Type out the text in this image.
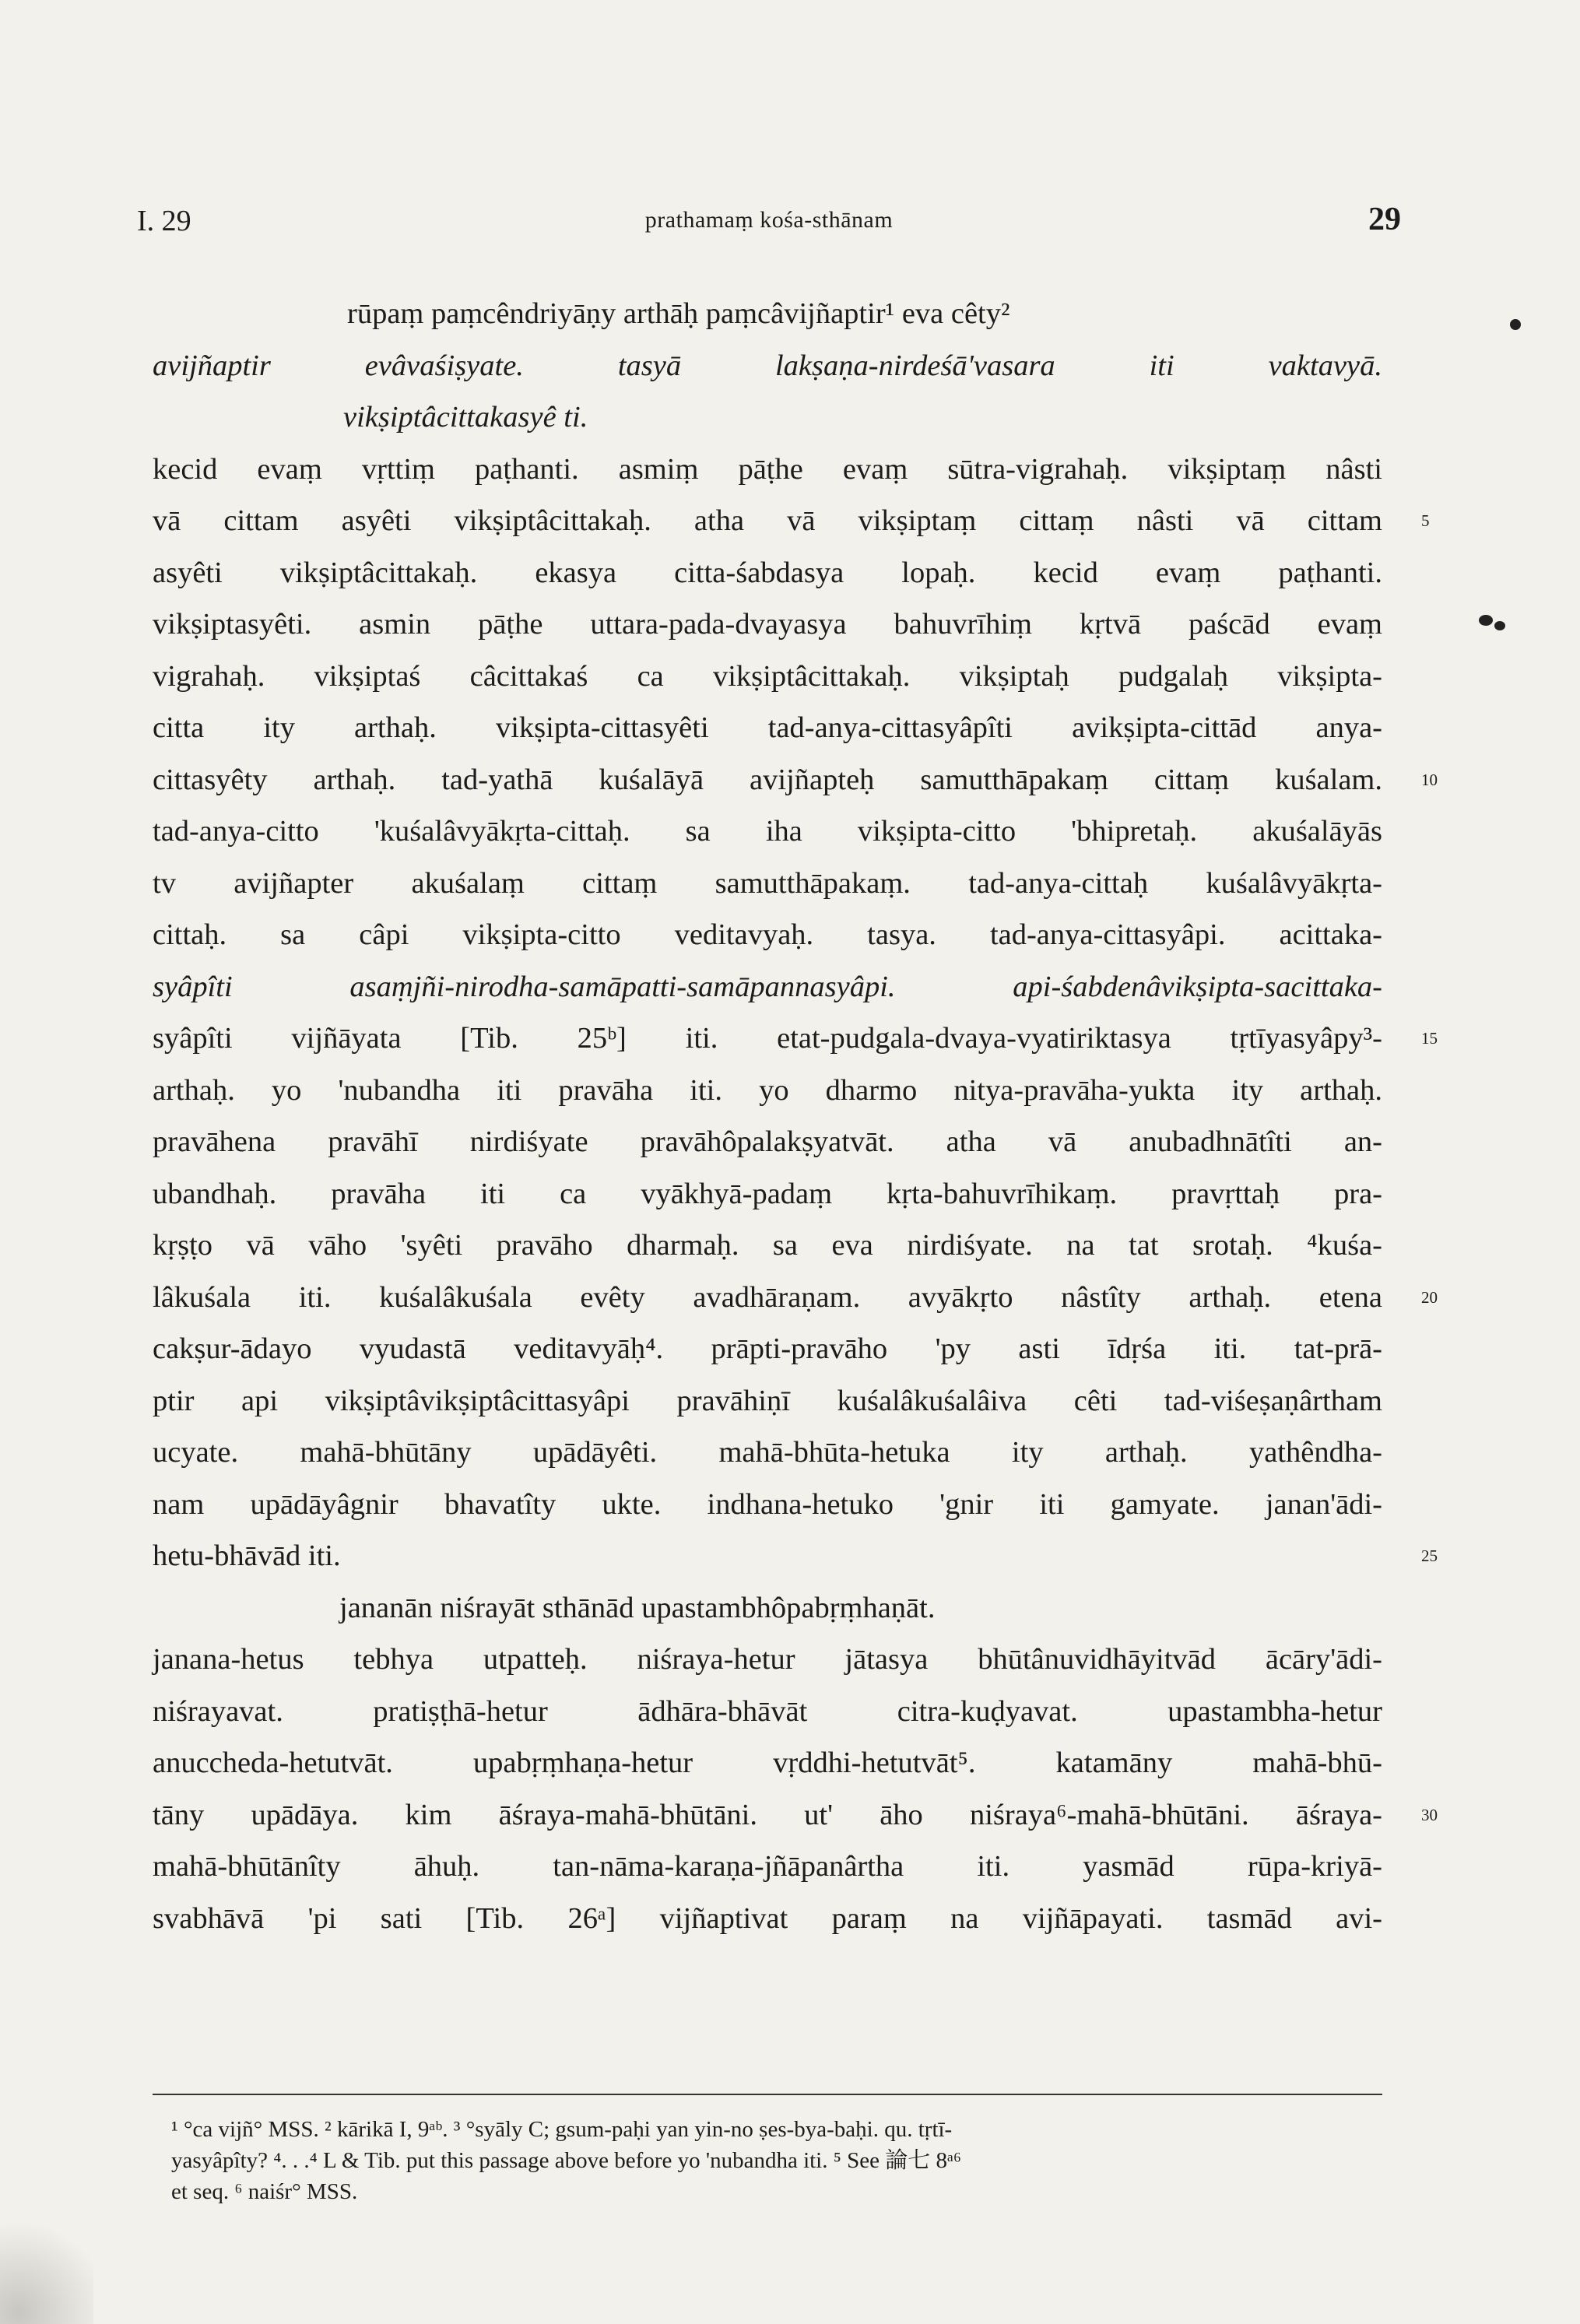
I. 29	prathamaṃ kośa-sthānam	29
rūpaṃ paṃcêndriyāṇy arthāḥ paṃcâvijñaptir¹ eva cêty²
avijñaptir evâvaśiṣyate. tasyā lakṣaṇa-nirdeśā'vasara iti vaktavyā.
vikṣiptâcittakasyê ti.
kecid evaṃ vṛttiṃ paṭhanti. asmiṃ pāṭhe evaṃ sūtra-vigrahaḥ. vikṣiptaṃ nâsti
vā cittam asyêti vikṣiptâcittakaḥ. atha vā vikṣiptaṃ cittaṃ nâsti vā cittam 5
asyêti vikṣiptâcittakaḥ. ekasya citta-śabdasya lopaḥ. kecid evaṃ paṭhanti.
vikṣiptasyêti. asmin pāṭhe uttara-pada-dvayasya bahuvrīhiṃ kṛtvā paścād evaṃ
vigrahaḥ. vikṣiptaś câcittakaś ca vikṣiptâcittakaḥ. vikṣiptaḥ pudgalaḥ vikṣipta-
citta ity arthaḥ. vikṣipta-cittasyêti tad-anya-cittasyâpîti avikṣipta-cittād anya-
cittasyêty arthaḥ. tad-yathā kuśalāyā avijñapteḥ samutthāpakaṃ cittaṃ kuśalam. 10
tad-anya-citto 'kuśalâvyākṛta-cittaḥ. sa iha vikṣipta-citto 'bhipretaḥ. akuśalāyās
tv avijñapter akuśalaṃ cittaṃ samutthāpakaṃ. tad-anya-cittaḥ kuśalâvyākṛta-
cittaḥ. sa câpi vikṣipta-citto veditavyaḥ. tasya. tad-anya-cittasyâpi. acittaka-
syâpîti asaṃjñi-nirodha-samāpatti-samāpannasyâpi. api-śabdenâvikṣipta-sacittaka-
syâpîti vijñāyata [Tib. 25ᵇ] iti. etat-pudgala-dvaya-vyatiriktasya tṛtīyasyâpy³- 15
arthaḥ. yo 'nubandha iti pravāha iti. yo dharmo nitya-pravāha-yukta ity arthaḥ.
pravāhena pravāhī nirdiśyate pravāhôpalakṣyatvāt. atha vā anubadhnātîti an-
ubandhaḥ. pravāha iti ca vyākhyā-padaṃ kṛta-bahuvrīhikaṃ. pravṛttaḥ pra-
kṛṣṭo vā vāho 'syêti pravāho dharmaḥ. sa eva nirdiśyate. na tat srotaḥ. ⁴kuśa-
lâkuśala iti. kuśalâkuśala evêty avadhāraṇam. avyākṛto nâstîty arthaḥ. etena 20
cakṣur-ādayo vyudastā veditavyāḥ⁴. prāpti-pravāho 'py asti īdṛśa iti. tat-prā-
ptir api vikṣiptâvikṣiptâcittasyâpi pravāhiṇī kuśalâkuśalâiva cêti tad-viśeṣaṇârtham
ucyate. mahā-bhūtāny upādāyêti. mahā-bhūta-hetuka ity arthaḥ. yathêndha-
nam upādāyâgnir bhavatîty ukte. indhana-hetuko 'gnir iti gamyate. janan'ādi-
hetu-bhāvād iti.	25
jananān niśrayāt sthānād upastambhôpabṛṃhaṇāt.
janana-hetus tebhya utpatteḥ. niśraya-hetur jātasya bhūtânuvidhāyitvād ācāry'ādi-
niśrayavat. pratiṣṭhā-hetur ādhāra-bhāvāt citra-kuḍyavat. upastambha-hetur
anuccheda-hetutvāt. upabṛṃhaṇa-hetur vṛddhi-hetutvāt⁵. katamāny mahā-bhū-
tāny upādāya. kim āśraya-mahā-bhūtāni. ut' āho niśraya⁶-mahā-bhūtāni. āśraya- 30
mahā-bhūtānîty āhuḥ. tan-nāma-karaṇa-jñāpanârtha iti. yasmād rūpa-kriyā-
svabhāvā 'pi sati [Tib. 26ᵃ] vijñaptivat paraṃ na vijñāpayati. tasmād avi-
¹ °ca vijñ° MSS. ² kārikā I, 9ᵃᵇ. ³ °syāly C; gsum-paḥi yan yin-no ṣes-bya-baḥi. qu. tṛtī-
yasyâpîty? ⁴. . .⁴ L & Tib. put this passage above before yo 'nubandha iti. ⁵ See 論七 8ᵃ⁶
et seq. ⁶ naiśr° MSS.
